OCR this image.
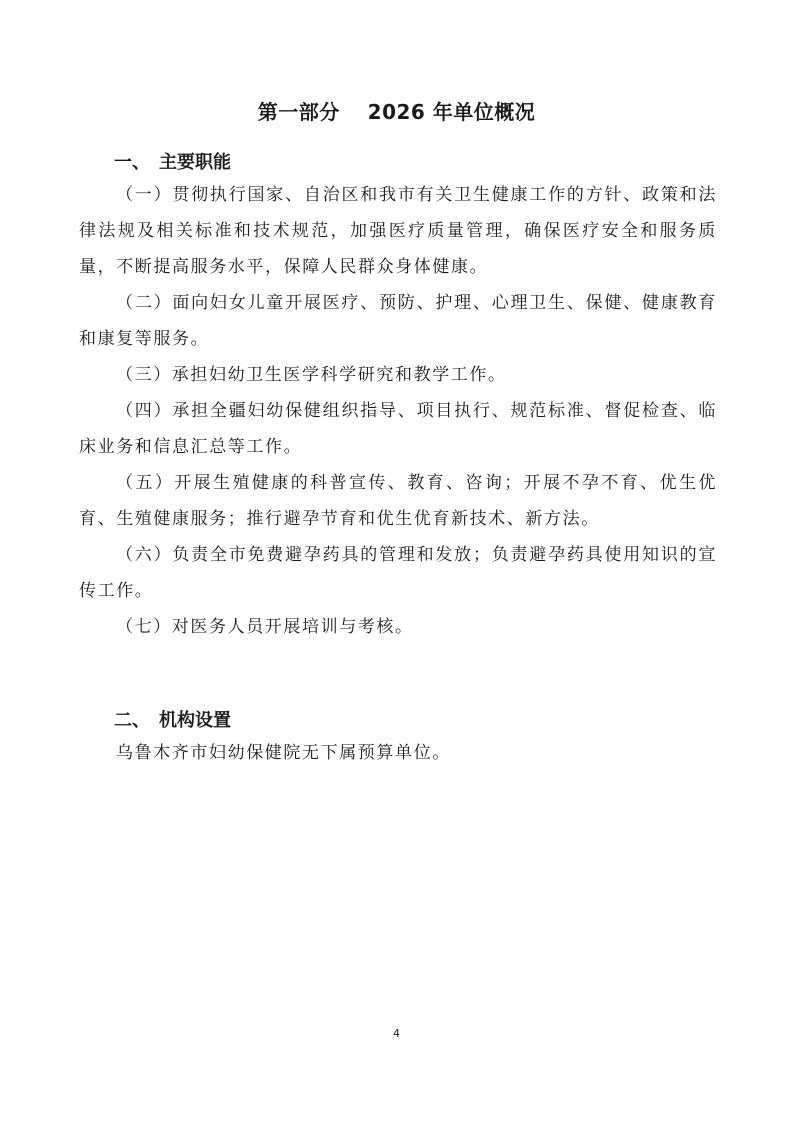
第一部分　 2026 年单位概况
一、　主要职能

（一）贯彻执行国家、自治区和我市有关卫生健康工作的方针、政策和法律法规及相关标准和技术规范，加强医疗质量管理，确保医疗安全和服务质量，不断提高服务水平，保障人民群众身体健康。

（二）面向妇女儿童开展医疗、预防、护理、心理卫生、保健、健康教育和康复等服务。

（三）承担妇幼卫生医学科学研究和教学工作。

（四）承担全疆妇幼保健组织指导、项目执行、规范标准、督促检查、临床业务和信息汇总等工作。

（五）开展生殖健康的科普宣传、教育、咨询；开展不孕不育、优生优育、生殖健康服务；推行避孕节育和优生优育新技术、新方法。

（六）负责全市免费避孕药具的管理和发放；负责避孕药具使用知识的宣传工作。

（七）对医务人员开展培训与考核。

二、　机构设置

乌鲁木齐市妇幼保健院无下属预算单位。

4
